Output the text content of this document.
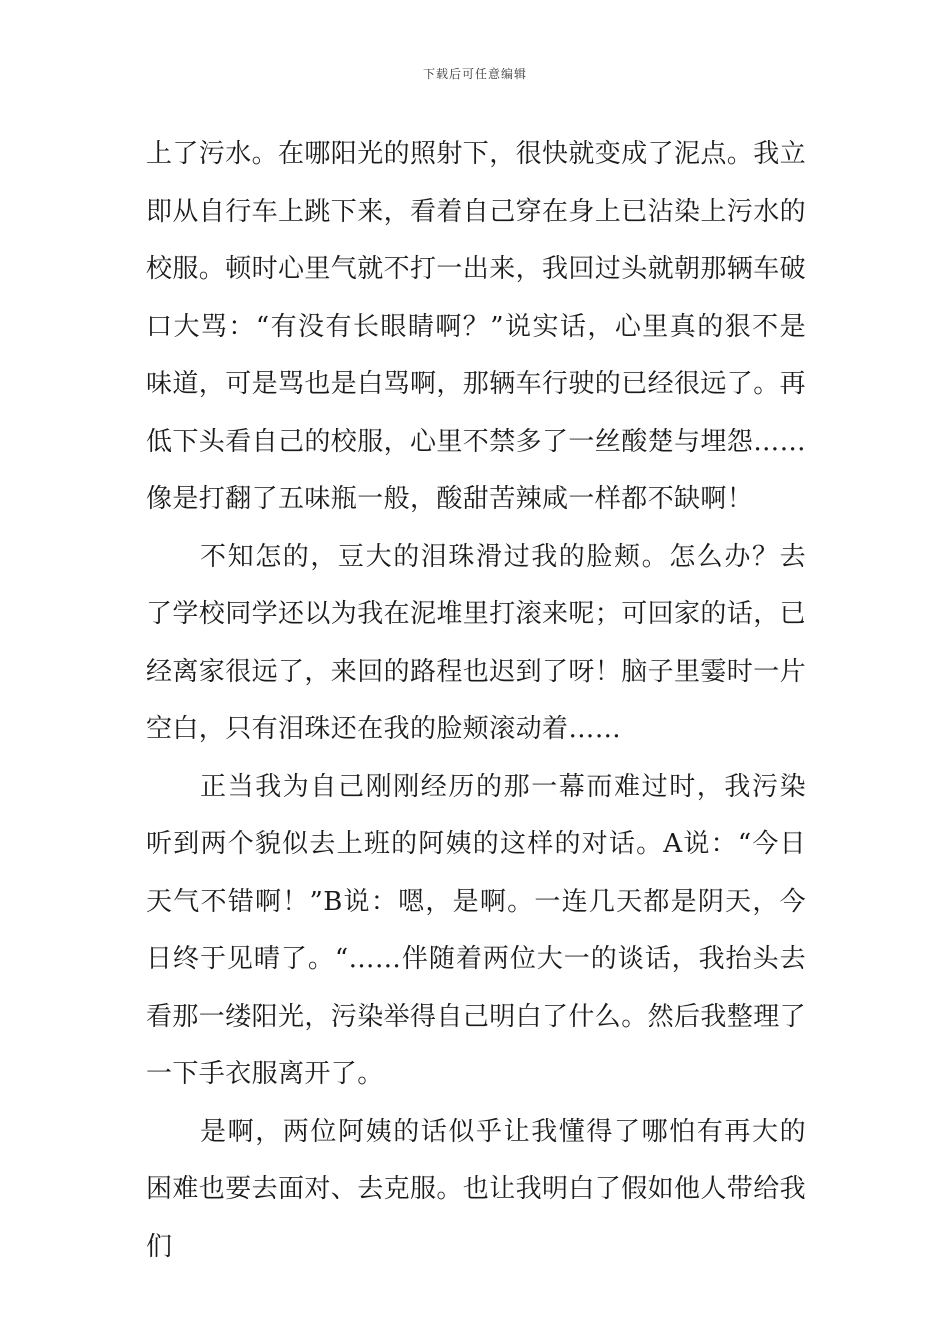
下载后可任意编辑

上了污水。在哪阳光的照射下，很快就变成了泥点。我立即从自行车上跳下来，看着自己穿在身上已沾染上污水的校服。顿时心里气就不打一出来，我回过头就朝那辆车破口大骂：“有没有长眼睛啊？”说实话，心里真的狠不是味道，可是骂也是白骂啊，那辆车行驶的已经很远了。再低下头看自己的校服，心里不禁多了一丝酸楚与埋怨……像是打翻了五味瓶一般，酸甜苦辣咸一样都不缺啊！

不知怎的，豆大的泪珠滑过我的脸颊。怎么办？去了学校同学还以为我在泥堆里打滚来呢；可回家的话，已经离家很远了，来回的路程也迟到了呀！脑子里霎时一片空白，只有泪珠还在我的脸颊滚动着……

正当我为自己刚刚经历的那一幕而难过时，我污染听到两个貌似去上班的阿姨的这样的对话。A说：“今日天气不错啊！”B说：嗯，是啊。一连几天都是阴天，今日终于见晴了。“……伴随着两位大一的谈话，我抬头去看那一缕阳光，污染举得自己明白了什么。然后我整理了一下手衣服离开了。

是啊，两位阿姨的话似乎让我懂得了哪怕有再大的困难也要去面对、去克服。也让我明白了假如他人带给我们
